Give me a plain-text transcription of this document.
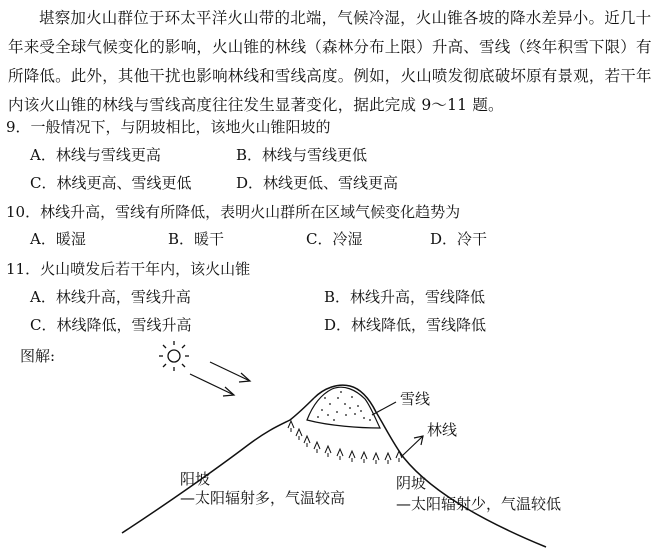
堪察加火山群位于环太平洋火山带的北端，气候冷湿，火山锥各坡的降水差异小。近几十年来受全球气候变化的影响，火山锥的林线（森林分布上限）升高、雪线（终年积雪下限）有所降低。此外，其他干扰也影响林线和雪线高度。例如，火山喷发彻底破坏原有景观，若干年内该火山锥的林线与雪线高度往往发生显著变化，据此完成 9～11 题。

9．一般情况下，与阴坡相比，该地火山锥阳坡的
A．林线与雪线更高	B．林线与雪线更低
C．林线更高、雪线更低	D．林线更低、雪线更高
10．林线升高，雪线有所降低，表明火山群所在区域气候变化趋势为
A．暖湿	B．暖干	C．冷湿	D．冷干
11．火山喷发后若干年内，该火山锥
A．林线升高，雪线升高	B．林线升高，雪线降低
C．林线降低，雪线升高	D．林线降低，雪线降低
图解:
雪线
林线
阳坡
—太阳辐射多，气温较高
阴坡
—太阳辐射少，气温较低
